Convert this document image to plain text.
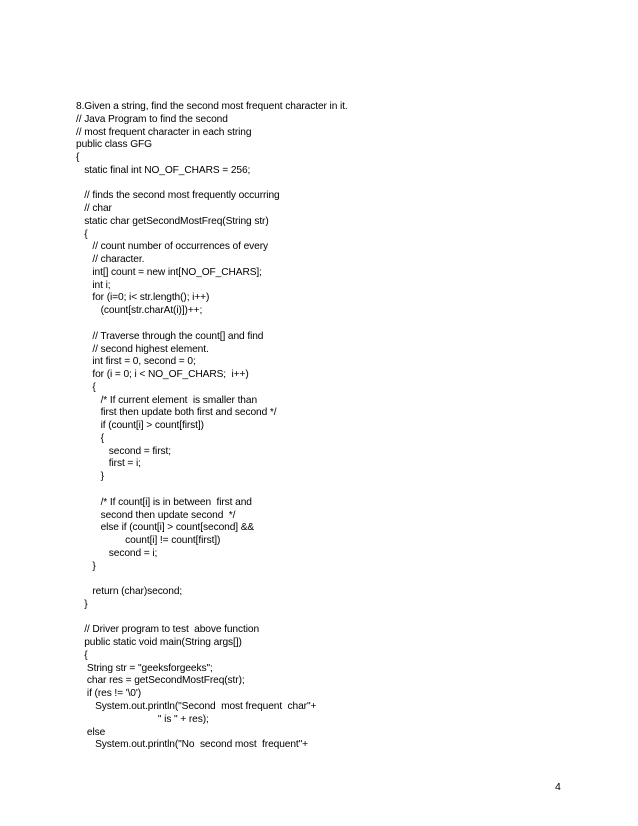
8.Given a string, find the second most frequent character in it.
// Java Program to find the second
// most frequent character in each string
public class GFG
{
static final int NO_OF_CHARS = 256;
// finds the second most frequently occurring
// char
static char getSecondMostFreq(String str)
{
// count number of occurrences of every
// character.
int[] count = new int[NO_OF_CHARS];
int i;
for (i=0; i< str.length(); i++)
(count[str.charAt(i)])++;
// Traverse through the count[] and find
// second highest element.
int first = 0, second = 0;
for (i = 0; i < NO_OF_CHARS;  i++)
{
/* If current element  is smaller than
first then update both first and second */
if (count[i] > count[first])
{
second = first;
first = i;
}
/* If count[i] is in between  first and
second then update second  */
else if (count[i] > count[second] &&
count[i] != count[first])
second = i;
}
return (char)second;
}
// Driver program to test  above function
public static void main(String args[])
{
String str = "geeksforgeeks";
char res = getSecondMostFreq(str);
if (res != '\0')
System.out.println("Second  most frequent  char"+
" is " + res);
else
System.out.println("No  second most  frequent"+
4
